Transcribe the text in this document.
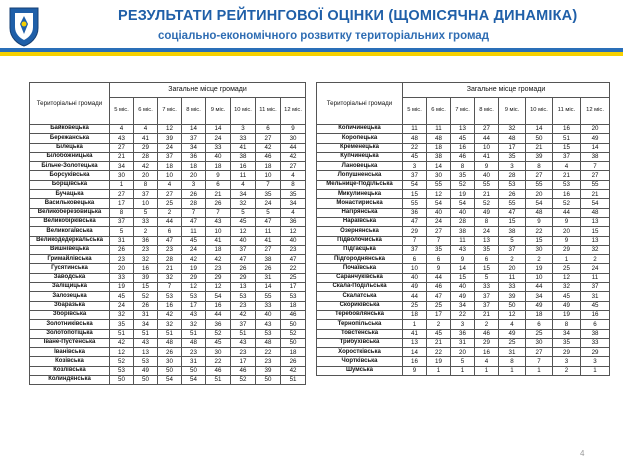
РЕЗУЛЬТАТИ РЕЙТИНГОВОЇ ОЦІНКИ (ЩОМІСЯЧНА ДИНАМІКА)
соціально-економічного розвитку територіальних громад
Територіальні громади	Загальне місце громади							
	5 міс.	6 міс.	7 міс.	8 міс.	9 міс.	10 міс.	11 міс.	12 міс.
Байковецька	4	4	12	14	14	3	6	9
Бережанська	43	41	39	37	24	33	27	30
Білецька	27	29	24	34	33	41	42	44
Білобожницька	21	28	37	36	40	38	46	42
Більче-Золотецька	34	42	18	18	18	16	18	27
Борсуківська	30	20	10	20	9	11	10	4
Борщівська	1	8	4	3	6	4	7	8
Бучацька	27	37	27	26	21	34	35	35
Васильковецька	17	10	25	28	26	32	24	34
Великоберезовицька	8	5	2	7	7	5	5	4
Великобірківська	37	33	44	47	43	45	47	36
Великогаївська	5	2	6	11	10	12	11	12
Великодедеркальська	31	36	47	45	41	40	41	40
Вишнівецька	26	23	23	24	18	37	27	23
Гримайлівська	23	32	28	42	42	47	38	47
Гусятинська	20	16	21	19	23	26	26	22
Заводська	33	39	32	29	29	29	31	25
Заліщицька	19	15	7	12	12	13	14	17
Залозецька	45	52	53	53	54	53	55	53
Збаразька	24	26	16	17	16	23	33	18
Зборівська	32	31	42	43	44	42	40	46
Золотниківська	35	34	32	32	36	37	43	50
Золотопотіцька	51	51	51	51	52	51	53	52
Іване-Пустенська	42	43	48	48	45	43	48	50
Іванівська	12	13	26	23	30	23	22	18
Козівська	52	53	30	31	22	17	23	26
Козлівська	53	49	50	50	46	46	39	42
Колиндянська	50	50	54	54	51	52	50	51
Територіальні громади	Загальне місце громади							
	5 міс.	6 міс.	7 міс.	8 міс.	9 міс.	10 міс.	11 міс.	12 міс.
Копичинецька	11	11	13	27	32	14	16	20
Коропецька	48	48	45	44	48	50	51	49
Кременецька	22	18	16	10	17	21	15	14
Купчинецька	45	38	46	41	35	39	37	38
Лановецька	3	14	8	9	3	8	4	7
Лопушненська	37	30	35	40	28	27	21	27
Мельнице-Подільська	54	55	52	55	53	55	53	55
Микулинецька	15	12	19	21	26	20	16	21
Монастириська	55	54	54	52	55	54	52	54
Нагірянська	36	40	40	49	47	48	44	48
Нараївська	47	24	28	8	15	9	9	13
Озернянська	29	27	38	24	38	22	20	15
Підволочиська	7	7	11	13	5	15	9	13
Підгаєцька	37	35	43	35	37	30	29	32
Підгороднянська	6	6	9	6	2	2	1	2
Почаївська	10	9	14	15	20	19	25	24
Саранчуківська	40	44	15	5	11	10	12	11
Скала-Подільська	49	46	40	33	33	44	32	37
Скалатська	44	47	49	37	39	34	45	31
Скориківська	25	25	34	37	50	49	49	45
Теребовлянська	18	17	22	21	12	18	19	16
Тернопільська	1	2	3	2	4	6	8	6
Товстенська	41	45	36	46	49	25	34	38
Трибухівська	13	21	31	29	25	30	35	33
Хоростківська	14	22	20	16	31	27	29	29
Чортківська	16	19	5	4	8	7	3	3
Шумська	9	1	1	1	1	1	2	1
4
